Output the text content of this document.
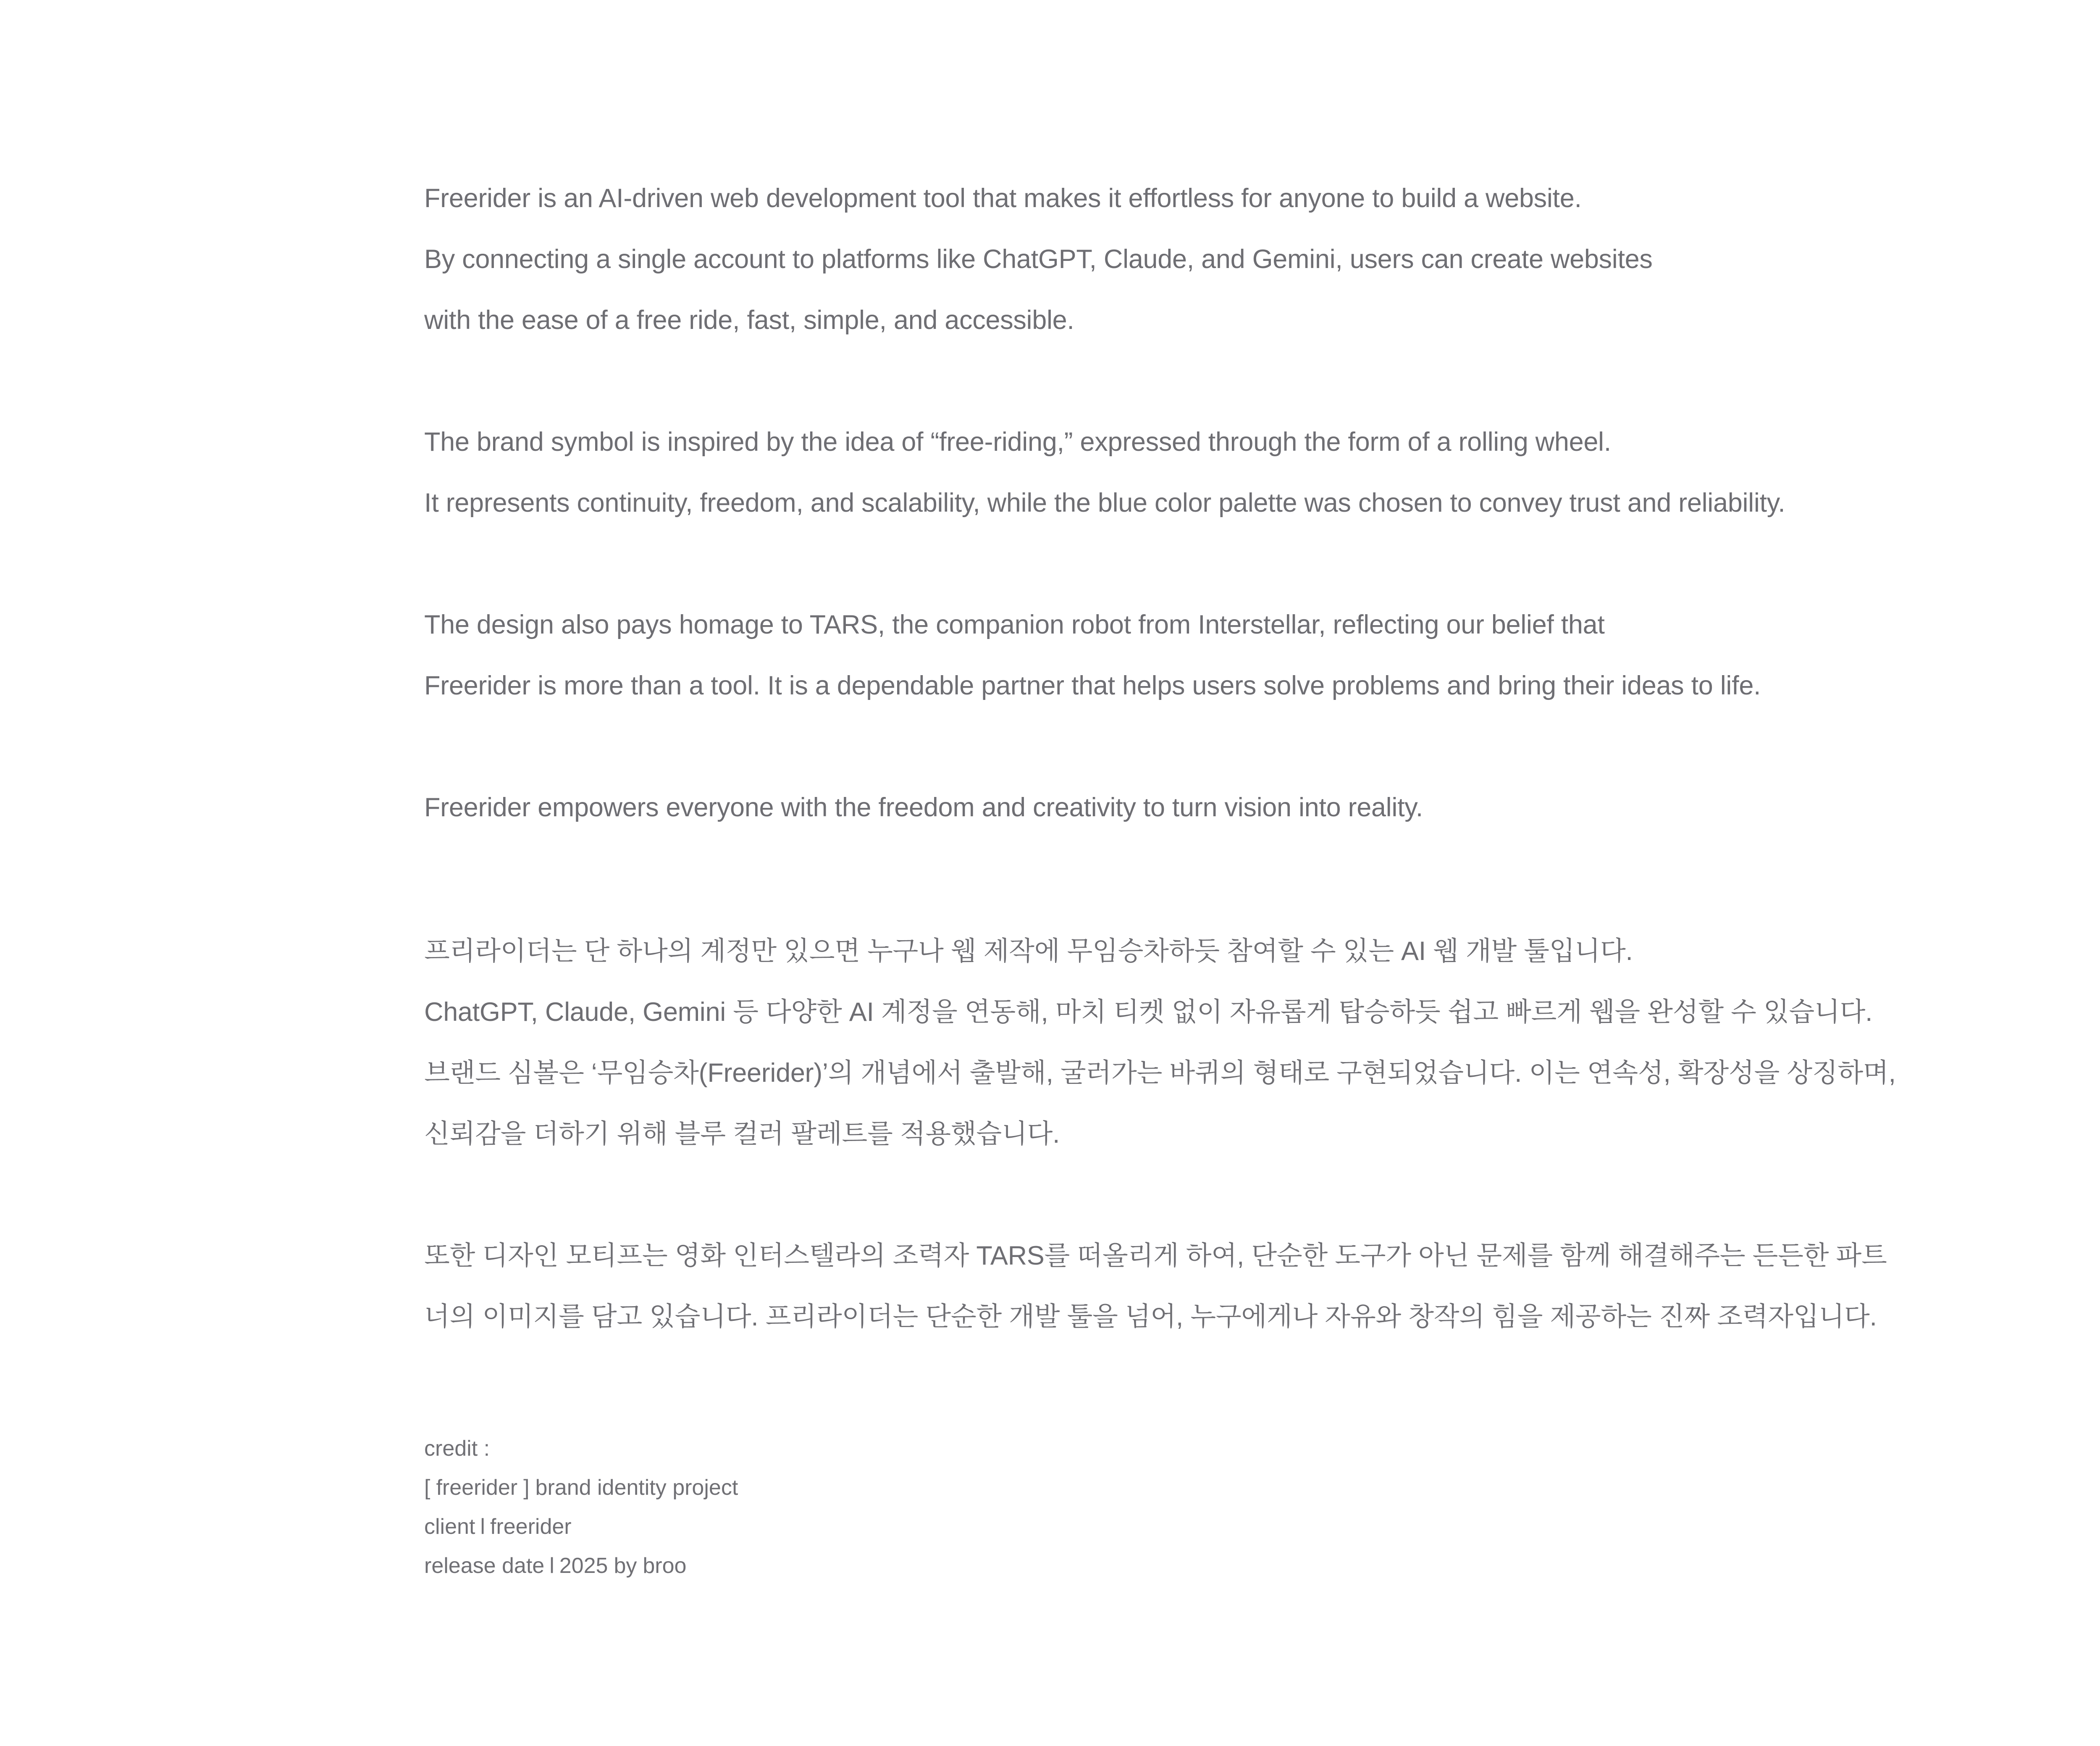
Freerider is an AI-driven web development tool that makes it effortless for anyone to build a website.
By connecting a single account to platforms like ChatGPT, Claude, and Gemini, users can create websites
with the ease of a free ride, fast, simple, and accessible.
The brand symbol is inspired by the idea of “free-riding,” expressed through the form of a rolling wheel.
It represents continuity, freedom, and scalability, while the blue color palette was chosen to convey trust and reliability.
The design also pays homage to TARS, the companion robot from Interstellar, reflecting our belief that
Freerider is more than a tool. It is a dependable partner that helps users solve problems and bring their ideas to life.
Freerider empowers everyone with the freedom and creativity to turn vision into reality.
프리라이더는 단 하나의 계정만 있으면 누구나 웹 제작에 무임승차하듯 참여할 수 있는 AI 웹 개발 툴입니다.
ChatGPT, Claude, Gemini 등 다양한 AI 계정을 연동해, 마치 티켓 없이 자유롭게 탑승하듯 쉽고 빠르게 웹을 완성할 수 있습니다.
브랜드 심볼은 ‘무임승차(Freerider)’의 개념에서 출발해, 굴러가는 바퀴의 형태로 구현되었습니다. 이는 연속성, 확장성을 상징하며,
신뢰감을 더하기 위해 블루 컬러 팔레트를 적용했습니다.
또한 디자인 모티프는 영화 인터스텔라의 조력자 TARS를 떠올리게 하여, 단순한 도구가 아닌 문제를 함께 해결해주는 든든한 파트
너의 이미지를 담고 있습니다. 프리라이더는 단순한 개발 툴을 넘어, 누구에게나 자유와 창작의 힘을 제공하는 진짜 조력자입니다.
credit :
[ freerider ] brand identity project
client l freerider
release date l 2025 by broo
